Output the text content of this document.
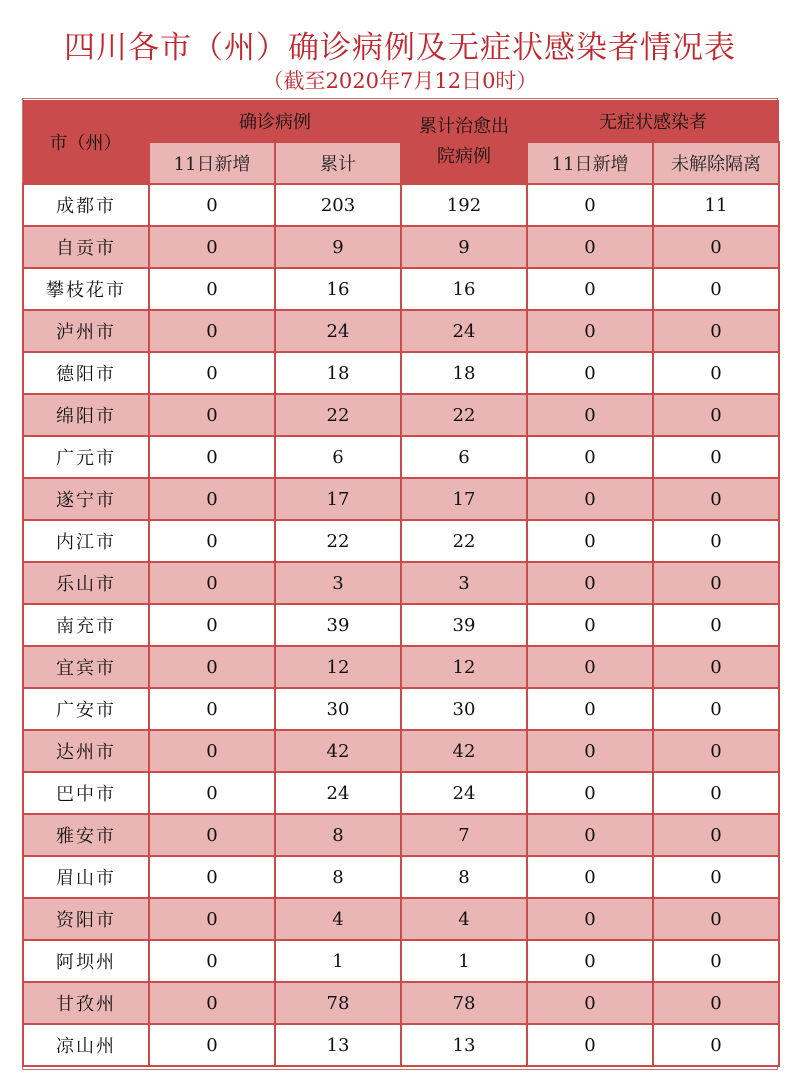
四川各市（州）确诊病例及无症状感染者情况表
（截至2020年7月12日0时）
市（州）	确诊病例		累计治愈出院病例	无症状感染者	
	11日新增	累计		11日新增	未解除隔离
成都市	0	203	192	0	11
自贡市	0	9	9	0	0
攀枝花市	0	16	16	0	0
泸州市	0	24	24	0	0
德阳市	0	18	18	0	0
绵阳市	0	22	22	0	0
广元市	0	6	6	0	0
遂宁市	0	17	17	0	0
内江市	0	22	22	0	0
乐山市	0	3	3	0	0
南充市	0	39	39	0	0
宜宾市	0	12	12	0	0
广安市	0	30	30	0	0
达州市	0	42	42	0	0
巴中市	0	24	24	0	0
雅安市	0	8	7	0	0
眉山市	0	8	8	0	0
资阳市	0	4	4	0	0
阿坝州	0	1	1	0	0
甘孜州	0	78	78	0	0
凉山州	0	13	13	0	0
